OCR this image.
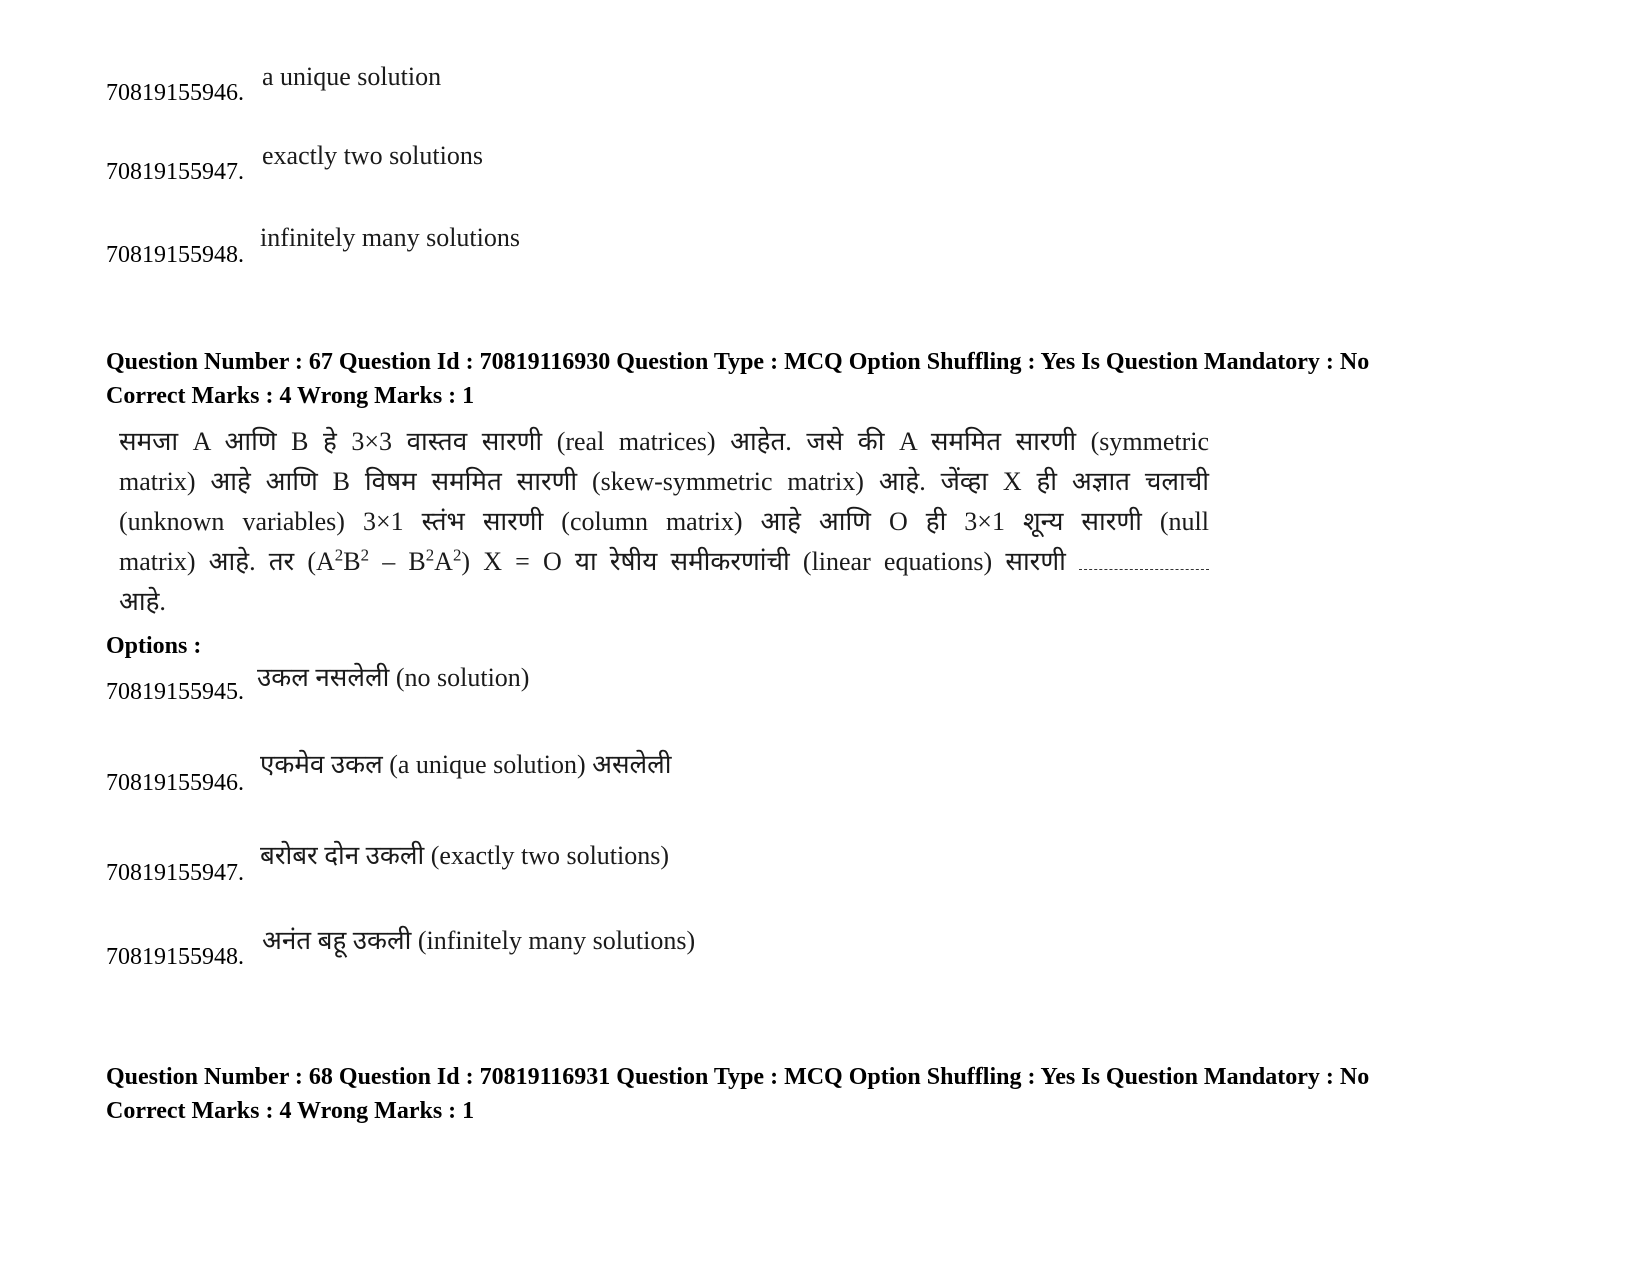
70819155946.
a unique solution
70819155947.
exactly two solutions
70819155948.
infinitely many solutions
Question Number : 67 Question Id : 70819116930 Question Type : MCQ Option Shuffling : Yes Is Question Mandatory : No
Correct Marks : 4 Wrong Marks : 1
समजा A आणि B हे 3×3 वास्तव सारणी (real matrices) आहेत. जसे की A सममित सारणी (symmetric
matrix) आहे आणि B विषम सममित सारणी (skew-symmetric matrix) आहे. जेंव्हा X ही अज्ञात चलाची
(unknown variables) 3×1 स्तंभ सारणी (column matrix) आहे आणि O ही 3×1 शून्य सारणी (null
matrix) आहे. तर $(A^2B^2 - B^2A^2) X = O$ या रेषीय समीकरणांची (linear equations) सारणी
आहे.
Options :
70819155945. उकल नसलेली (no solution)
70819155946.
एकमेव उकल (a unique solution) असलेली
70819155947.
बरोबर दोन उकली (exactly two solutions)
70819155948.
अनंत बहू उकली (infinitely many solutions)
Question Number : 68 Question Id : 70819116931 Question Type : MCQ Option Shuffling : Yes Is Question Mandatory : No
Correct Marks : 4 Wrong Marks : 1
